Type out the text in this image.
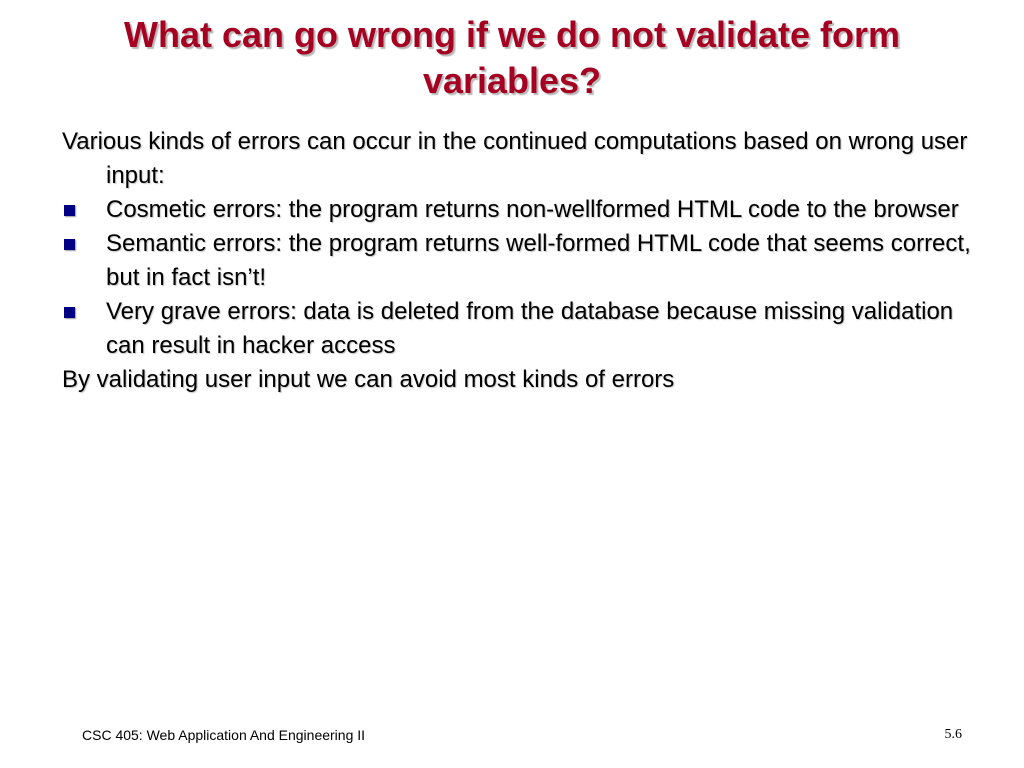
What can go wrong if we do not validate form variables?

Various kinds of errors can occur in the continued computations based on wrong user input:

Cosmetic errors: the program returns non-wellformed HTML code to the browser
Semantic errors: the program returns well-formed HTML code that seems correct, but in fact isn’t!
Very grave errors: data is deleted from the database because missing validation can result in hacker access

By validating user input we can avoid most kinds of errors

CSC 405: Web Application And Engineering II	5.6
